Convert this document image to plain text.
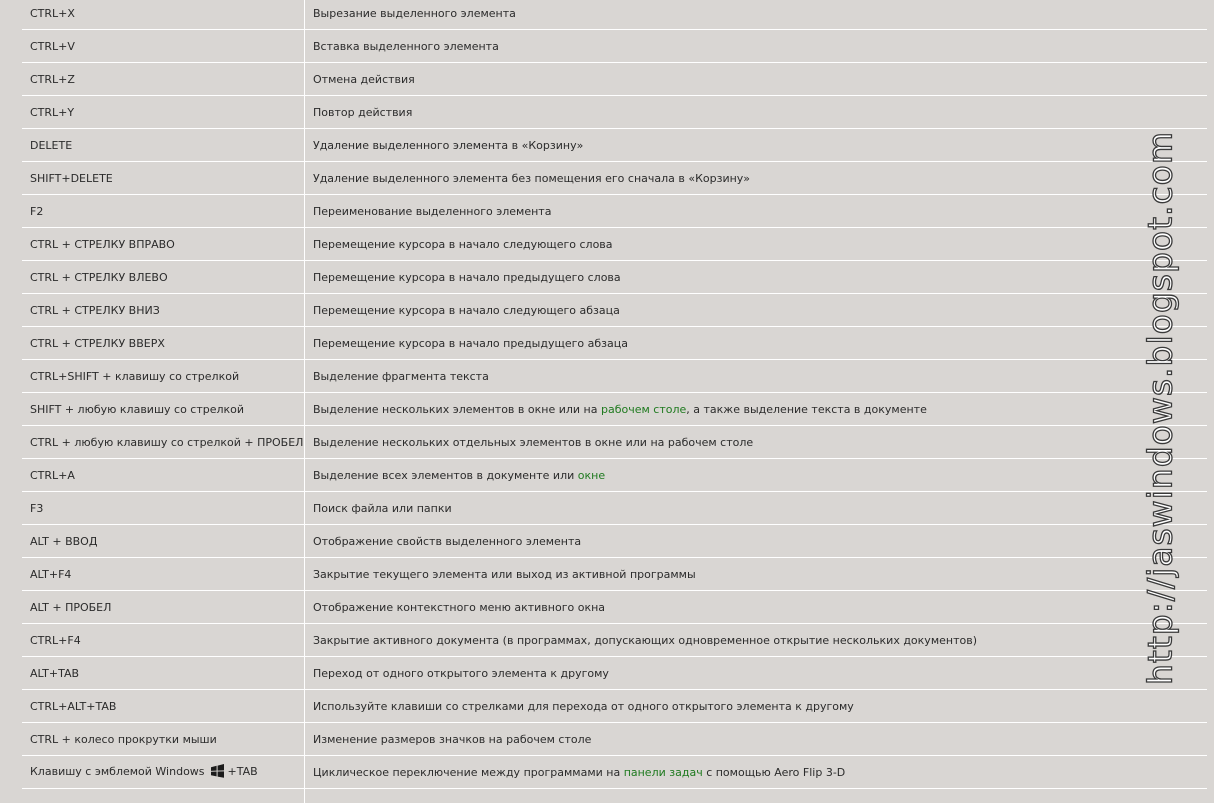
CTRL+X	Вырезание выделенного элемента
CTRL+V	Вставка выделенного элемента
CTRL+Z	Отмена действия
CTRL+Y	Повтор действия
DELETE	Удаление выделенного элемента в «Корзину»
SHIFT+DELETE	Удаление выделенного элемента без помещения его сначала в «Корзину»
F2	Переименование выделенного элемента
CTRL + СТРЕЛКУ ВПРАВО	Перемещение курсора в начало следующего слова
CTRL + СТРЕЛКУ ВЛЕВО	Перемещение курсора в начало предыдущего слова
CTRL + СТРЕЛКУ ВНИЗ	Перемещение курсора в начало следующего абзаца
CTRL + СТРЕЛКУ ВВЕРХ	Перемещение курсора в начало предыдущего абзаца
CTRL+SHIFT + клавишу со стрелкой	Выделение фрагмента текста
SHIFT + любую клавишу со стрелкой	Выделение нескольких элементов в окне или на рабочем столе, а также выделение текста в документе
CTRL + любую клавишу со стрелкой + ПРОБЕЛ	Выделение нескольких отдельных элементов в окне или на рабочем столе
CTRL+A	Выделение всех элементов в документе или окне
F3	Поиск файла или папки
ALT + ВВОД	Отображение свойств выделенного элемента
ALT+F4	Закрытие текущего элемента или выход из активной программы
ALT + ПРОБЕЛ	Отображение контекстного меню активного окна
CTRL+F4	Закрытие активного документа (в программах, допускающих одновременное открытие нескольких документов)
ALT+TAB	Переход от одного открытого элемента к другому
CTRL+ALT+TAB	Используйте клавиши со стрелками для перехода от одного открытого элемента к другому
CTRL + колесо прокрутки мыши	Изменение размеров значков на рабочем столе
Клавишу с эмблемой Windows +TAB	Циклическое переключение между программами на панели задач с помощью Aero Flip 3-D

http://jaswindows.blogspot.com
